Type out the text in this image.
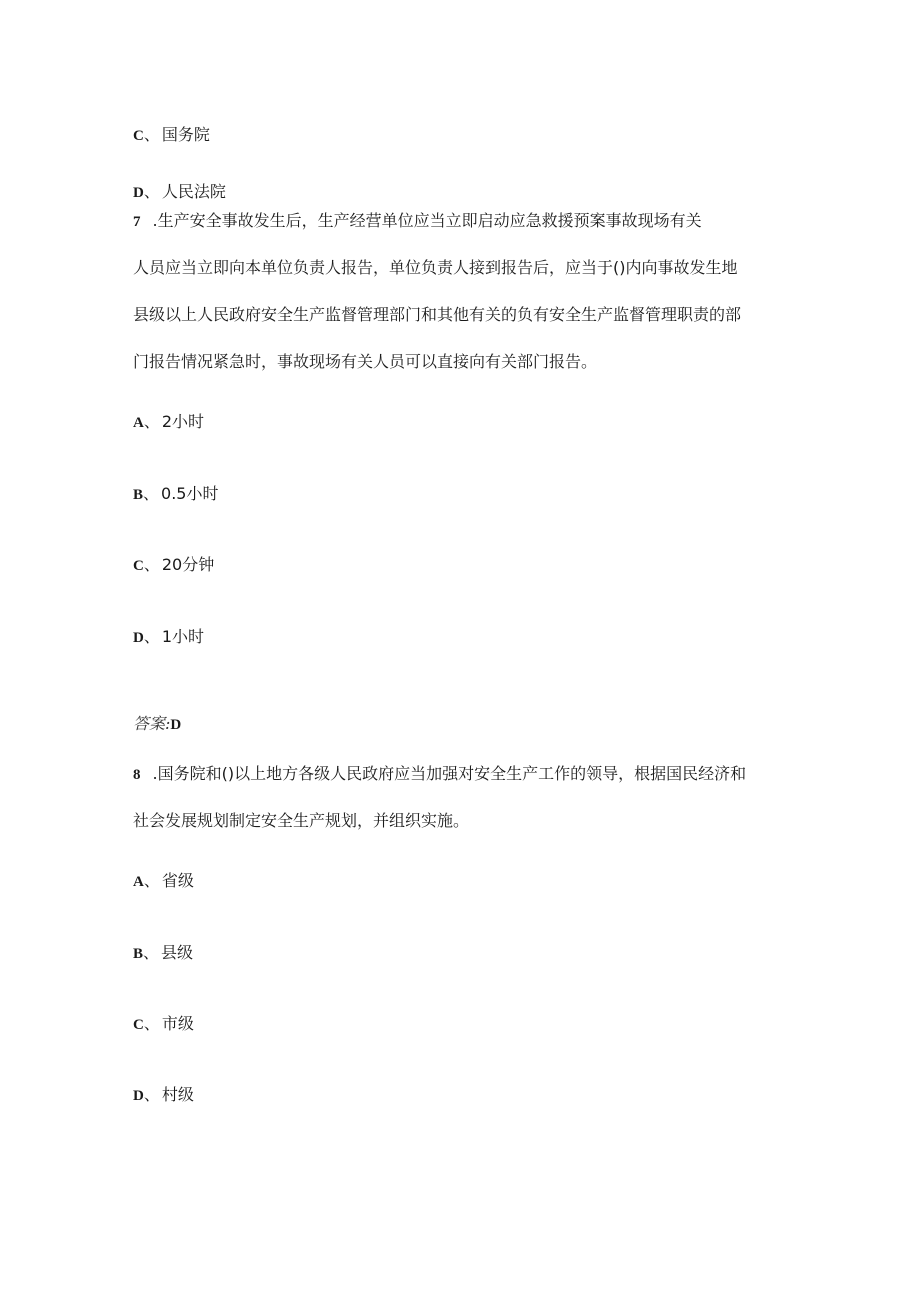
C、 国务院
D、 人民法院
7 .生产安全事故发生后，生产经营单位应当立即启动应急救援预案事故现场有关
人员应当立即向本单位负责人报告，单位负责人接到报告后，应当于()内向事故发生地
县级以上人民政府安全生产监督管理部门和其他有关的负有安全生产监督管理职责的部
门报告情况紧急时，事故现场有关人员可以直接向有关部门报告。
A、 2小时
B、 0.5小时
C、 20分钟
D、 1小时
答案:D
8 .国务院和()以上地方各级人民政府应当加强对安全生产工作的领导，根据国民经济和
社会发展规划制定安全生产规划，并组织实施。
A、 省级
B、 县级
C、 市级
D、 村级
